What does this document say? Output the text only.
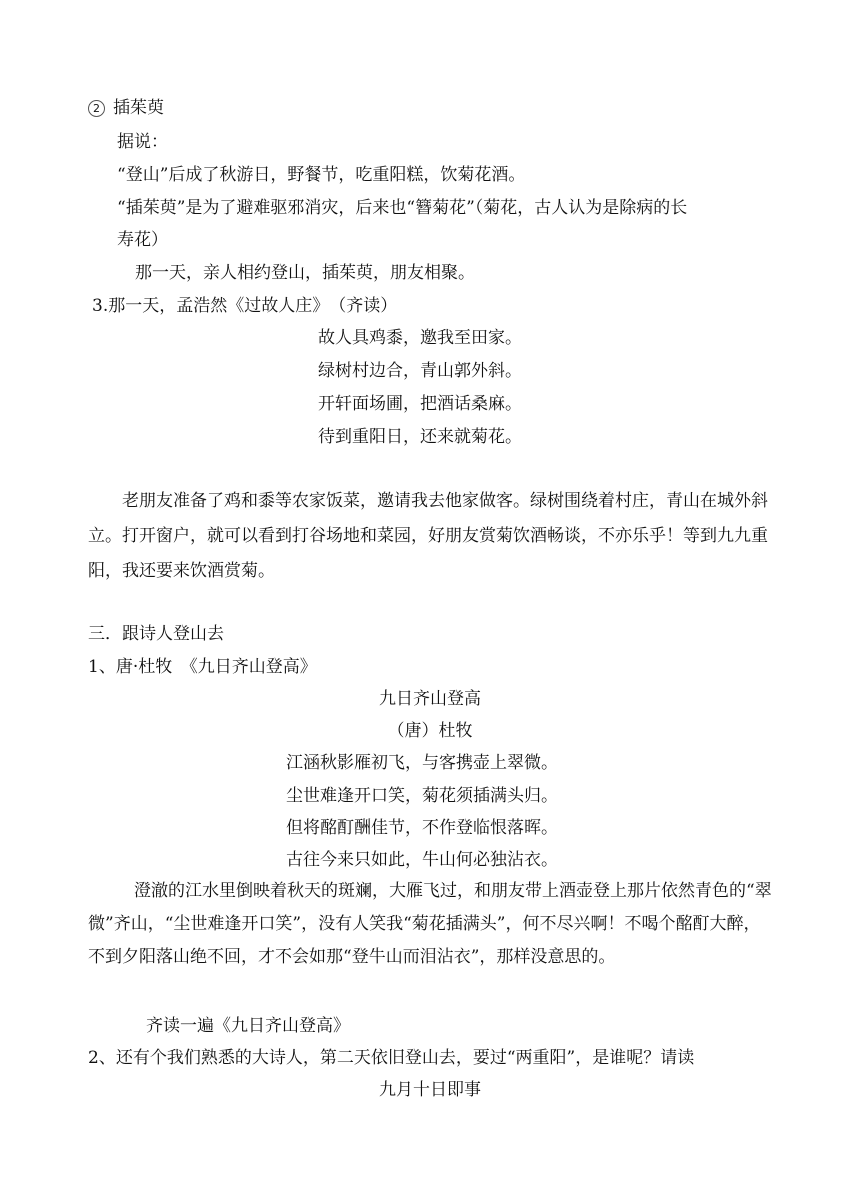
2 插茱萸
据说：
“登山”后成了秋游日，野餐节，吃重阳糕，饮菊花酒。
“插茱萸”是为了避难驱邪消灾，后来也“簪菊花”（菊花，古人认为是除病的长
寿花）
那一天，亲人相约登山，插茱萸，朋友相聚。
3.那一天，孟浩然《过故人庄》　（齐读）
故人具鸡黍，邀我至田家。
绿树村边合，青山郭外斜。
开轩面场圃，把酒话桑麻。
待到重阳日，还来就菊花。
老朋友准备了鸡和黍等农家饭菜，邀请我去他家做客。绿树围绕着村庄，青山在城外斜立。打开窗户，就可以看到打谷场地和菜园，好朋友赏菊饮酒畅谈，不亦乐乎！等到九九重阳，我还要来饮酒赏菊。
三．跟诗人登山去
1、唐·杜牧　《九日齐山登高》
九日齐山登高
（唐）杜牧
江涵秋影雁初飞，与客携壶上翠微。
尘世难逢开口笑，菊花须插满头归。
但将酩酊酬佳节，不作登临恨落晖。
古往今来只如此，牛山何必独沾衣。
澄澈的江水里倒映着秋天的斑斓，大雁飞过，和朋友带上酒壶登上那片依然青色的“翠微”齐山，“尘世难逢开口笑”，没有人笑我“菊花插满头”，何不尽兴啊！不喝个酩酊大醉，不到夕阳落山绝不回，才不会如那“登牛山而泪沾衣”，那样没意思的。
齐读一遍《九日齐山登高》
2、还有个我们熟悉的大诗人，第二天依旧登山去，要过“两重阳”，是谁呢？请读
九月十日即事
